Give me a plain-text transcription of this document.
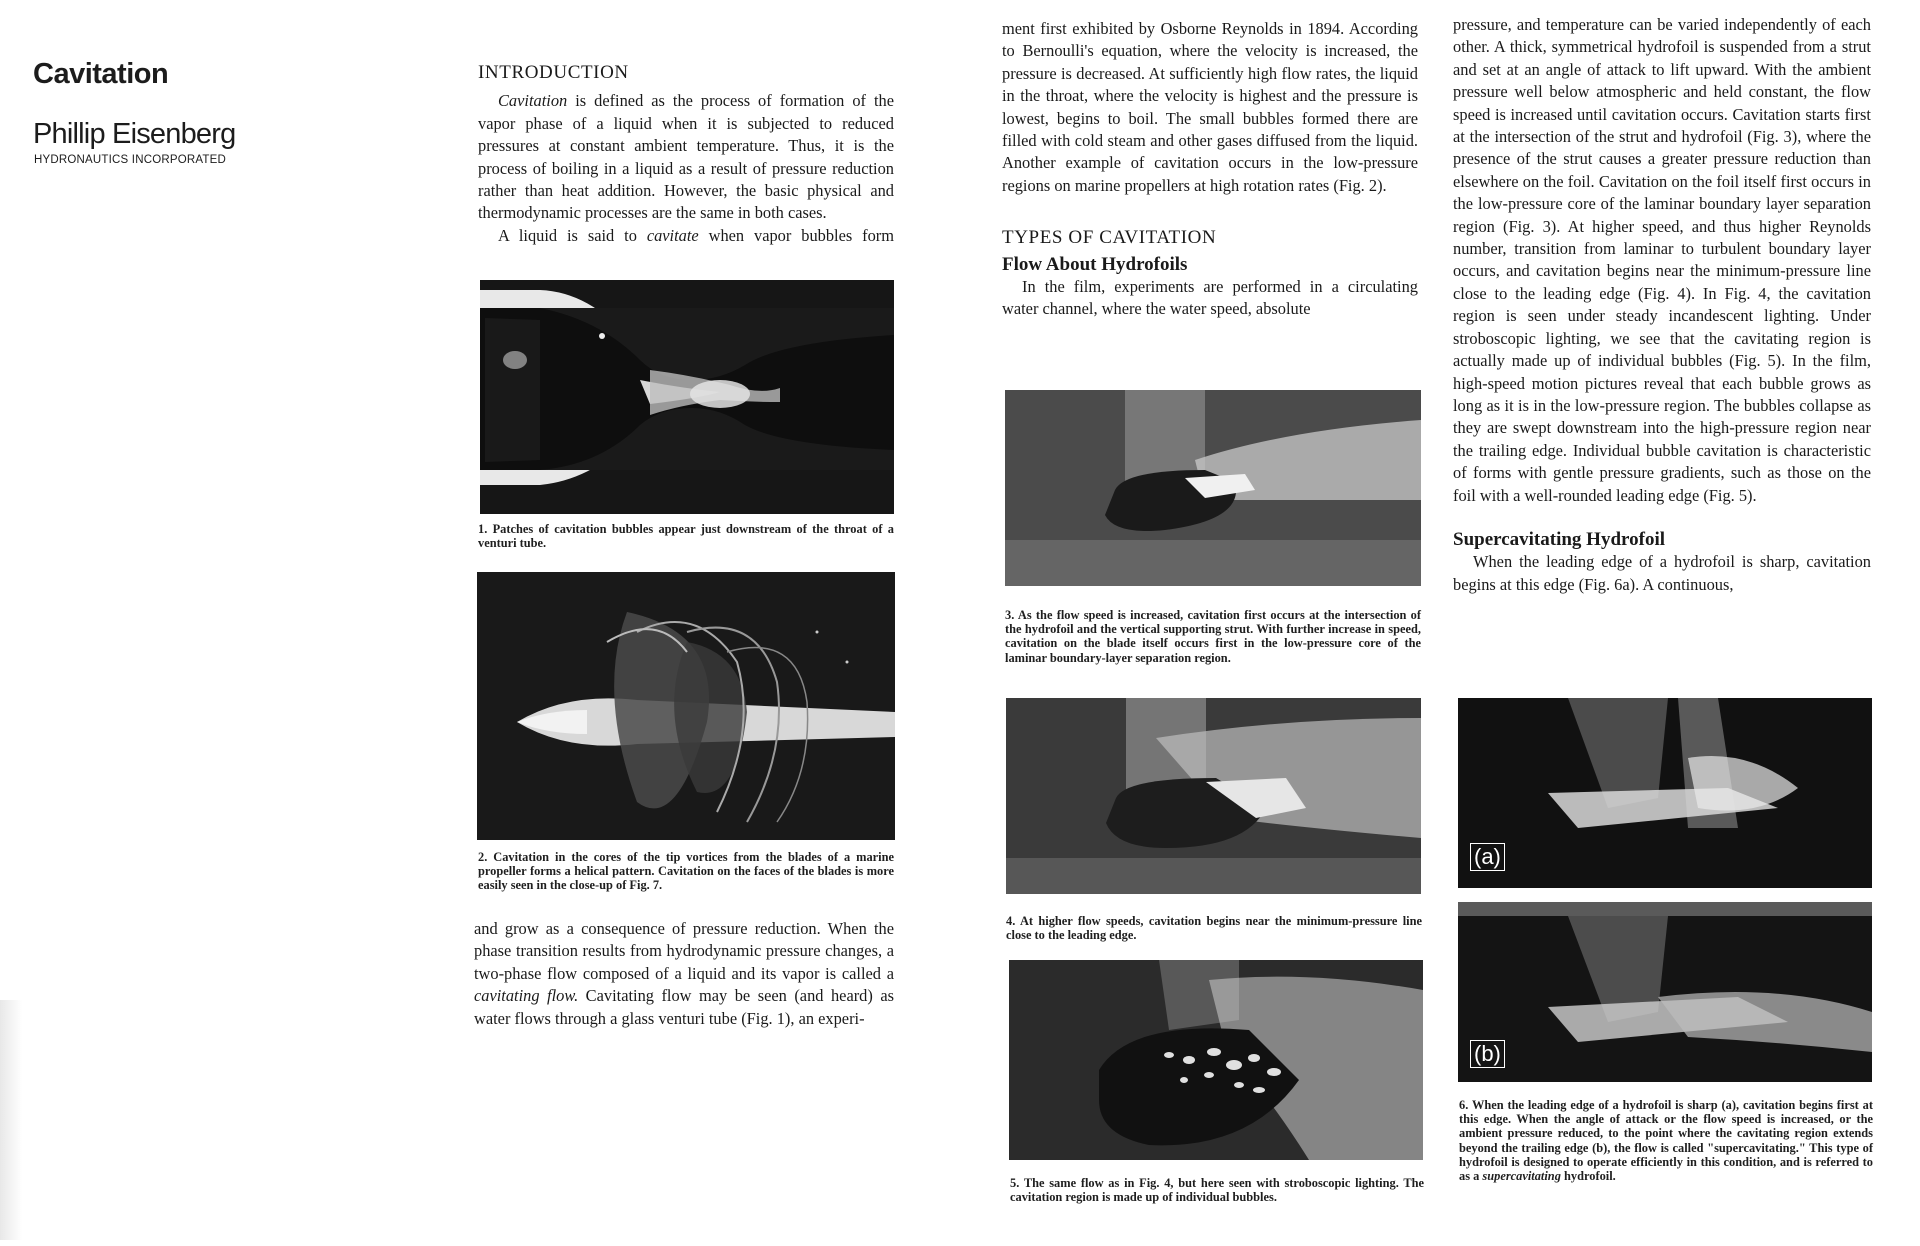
Cavitation
Phillip Eisenberg
HYDRONAUTICS INCORPORATED

INTRODUCTION

Cavitation is defined as the process of formation of the vapor phase of a liquid when it is subjected to reduced pressures at constant ambient temperature. Thus, it is the process of boiling in a liquid as a result of pressure reduction rather than heat addition. However, the basic physical and thermodynamic processes are the same in both cases.

A liquid is said to cavitate when vapor bubbles form

1. Patches of cavitation bubbles appear just downstream of the throat of a venturi tube.
2. Cavitation in the cores of the tip vortices from the blades of a marine propeller forms a helical pattern. Cavitation on the faces of the blades is more easily seen in the close-up of Fig. 7.

and grow as a consequence of pressure reduction. When the phase transition results from hydrodynamic pressure changes, a two-phase flow composed of a liquid and its vapor is called a cavitating flow. Cavitating flow may be seen (and heard) as water flows through a glass venturi tube (Fig. 1), an experi-

ment first exhibited by Osborne Reynolds in 1894. According to Bernoulli's equation, where the velocity is increased, the pressure is decreased. At sufficiently high flow rates, the liquid in the throat, where the velocity is highest and the pressure is lowest, begins to boil. The small bubbles formed there are filled with cold steam and other gases diffused from the liquid. Another example of cavitation occurs in the low-pressure regions on marine propellers at high rotation rates (Fig. 2).

TYPES OF CAVITATION

Flow About Hydrofoils

In the film, experiments are performed in a circulating water channel, where the water speed, absolute

3. As the flow speed is increased, cavitation first occurs at the intersection of the hydrofoil and the vertical supporting strut. With further increase in speed, cavitation on the blade itself occurs first in the low-pressure core of the laminar boundary-layer separation region.
4. At higher flow speeds, cavitation begins near the minimum-pressure line close to the leading edge.
5. The same flow as in Fig. 4, but here seen with stroboscopic lighting. The cavitation region is made up of individual bubbles.

pressure, and temperature can be varied independently of each other. A thick, symmetrical hydrofoil is suspended from a strut and set at an angle of attack to lift upward. With the ambient pressure well below atmospheric and held constant, the flow speed is increased until cavitation occurs. Cavitation starts first at the intersection of the strut and hydrofoil (Fig. 3), where the presence of the strut causes a greater pressure reduction than elsewhere on the foil. Cavitation on the foil itself first occurs in the low-pressure core of the laminar boundary layer separation region (Fig. 3). At higher speed, and thus higher Reynolds number, transition from laminar to turbulent boundary layer occurs, and cavitation begins near the minimum-pressure line close to the leading edge (Fig. 4). In Fig. 4, the cavitation region is seen under steady incandescent lighting. Under stroboscopic lighting, we see that the cavitating region is actually made up of individual bubbles (Fig. 5). In the film, high-speed motion pictures reveal that each bubble grows as long as it is in the low-pressure region. The bubbles collapse as they are swept downstream into the high-pressure region near the trailing edge. Individual bubble cavitation is characteristic of forms with gentle pressure gradients, such as those on the foil with a well-rounded leading edge (Fig. 5).

Supercavitating Hydrofoil

When the leading edge of a hydrofoil is sharp, cavitation begins at this edge (Fig. 6a). A continuous,

(a)
(b)
6. When the leading edge of a hydrofoil is sharp (a), cavitation begins first at this edge. When the angle of attack or the flow speed is increased, or the ambient pressure reduced, to the point where the cavitating region extends beyond the trailing edge (b), the flow is called "supercavitating." This type of hydrofoil is designed to operate efficiently in this condition, and is referred to as a supercavitating hydrofoil.
